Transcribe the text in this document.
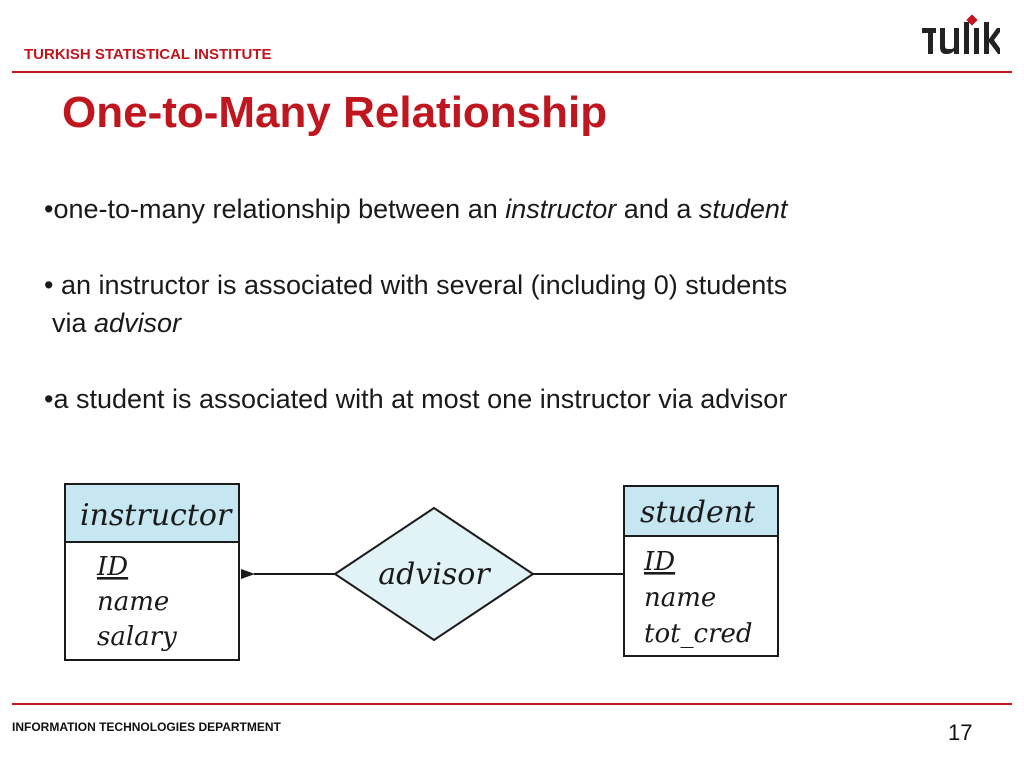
TURKISH STATISTICAL INSTITUTE
One-to-Many Relationship

•one-to-many relationship between an instructor and a student

• an instructor is associated with several (including 0) students
via advisor

•a student is associated with at most one instructor via advisor

instructor
ID
name
salary
advisor
student
ID
name
tot_cred
INFORMATION TECHNOLOGIES DEPARTMENT	17
